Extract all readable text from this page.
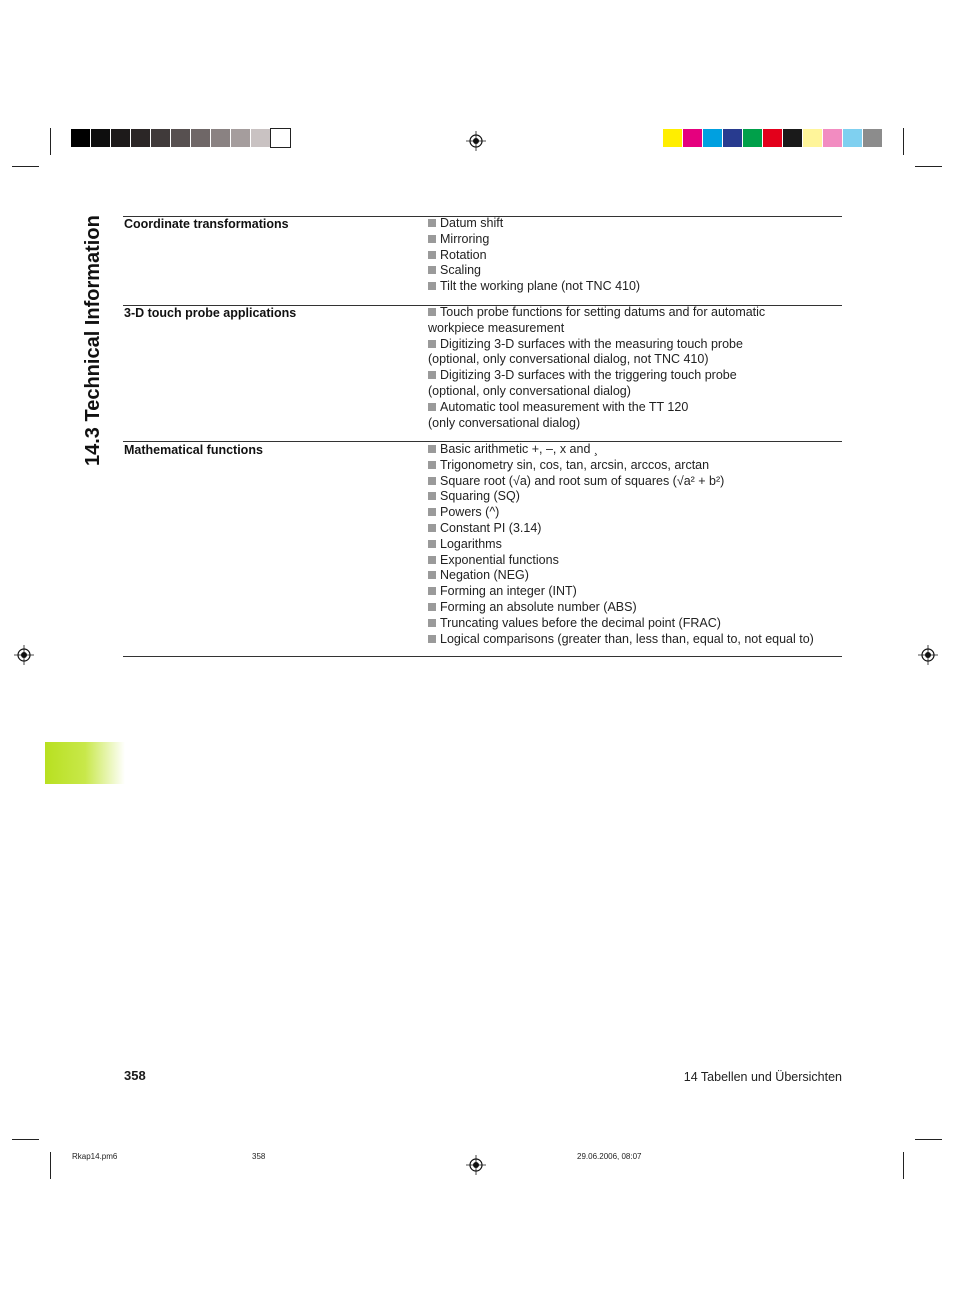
14.3 Technical Information Coordinate transformations	Datum shift
Mirroring
Rotation
Scaling
Tilt the working plane (not TNC 410)
3-D touch probe applications	Touch probe functions for setting datums and for automatic
workpiece measurement
Digitizing 3-D surfaces with the measuring touch probe
(optional, only conversational dialog, not TNC 410)
Digitizing 3-D surfaces with the triggering touch probe
(optional, only conversational dialog)
Automatic tool measurement with the TT 120
(only conversational dialog)
Mathematical functions	Basic arithmetic +, –, x and ¸
Trigonometry sin, cos, tan, arcsin, arccos, arctan
Square root (√a) and root sum of squares (√a² + b²)
Squaring (SQ)
Powers (^)
Constant PI (3.14)
Logarithms
Exponential functions
Negation (NEG)
Forming an integer (INT)
Forming an absolute number (ABS)
Truncating values before the decimal point (FRAC)
Logical comparisons (greater than, less than, equal to, not equal to)
358	14 Tabellen und Übersichten
Rkap14.pm6	358	29.06.2006, 08:07
